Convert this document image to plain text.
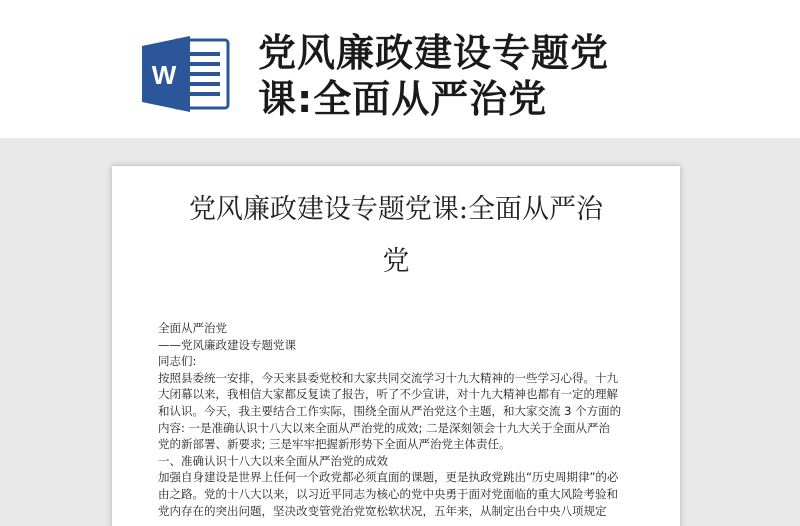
W 党风廉政建设专题党
课:全面从严治党
党风廉政建设专题党课:全面从严治
党
全面从严治党
——党风廉政建设专题党课
同志们:
按照县委统一安排，今天来县委党校和大家共同交流学习十九大精神的一些学习心得。十九
大闭幕以来，我相信大家都反复读了报告，听了不少宣讲，对十九大精神也都有一定的理解
和认识。今天，我主要结合工作实际，围绕全面从严治党这个主题，和大家交流 3 个方面的
内容: 一是准确认识十八大以来全面从严治党的成效; 二是深刻领会十九大关于全面从严治
党的新部署、新要求; 三是牢牢把握新形势下全面从严治党主体责任。
一、准确认识十八大以来全面从严治党的成效
加强自身建设是世界上任何一个政党都必须直面的课题，更是执政党跳出“历史周期律”的必
由之路。党的十八大以来，以习近平同志为核心的党中央勇于面对党面临的重大风险考验和
党内存在的突出问题，坚决改变管党治党宽松软状况，五年来，从制定出台中央八项规定
